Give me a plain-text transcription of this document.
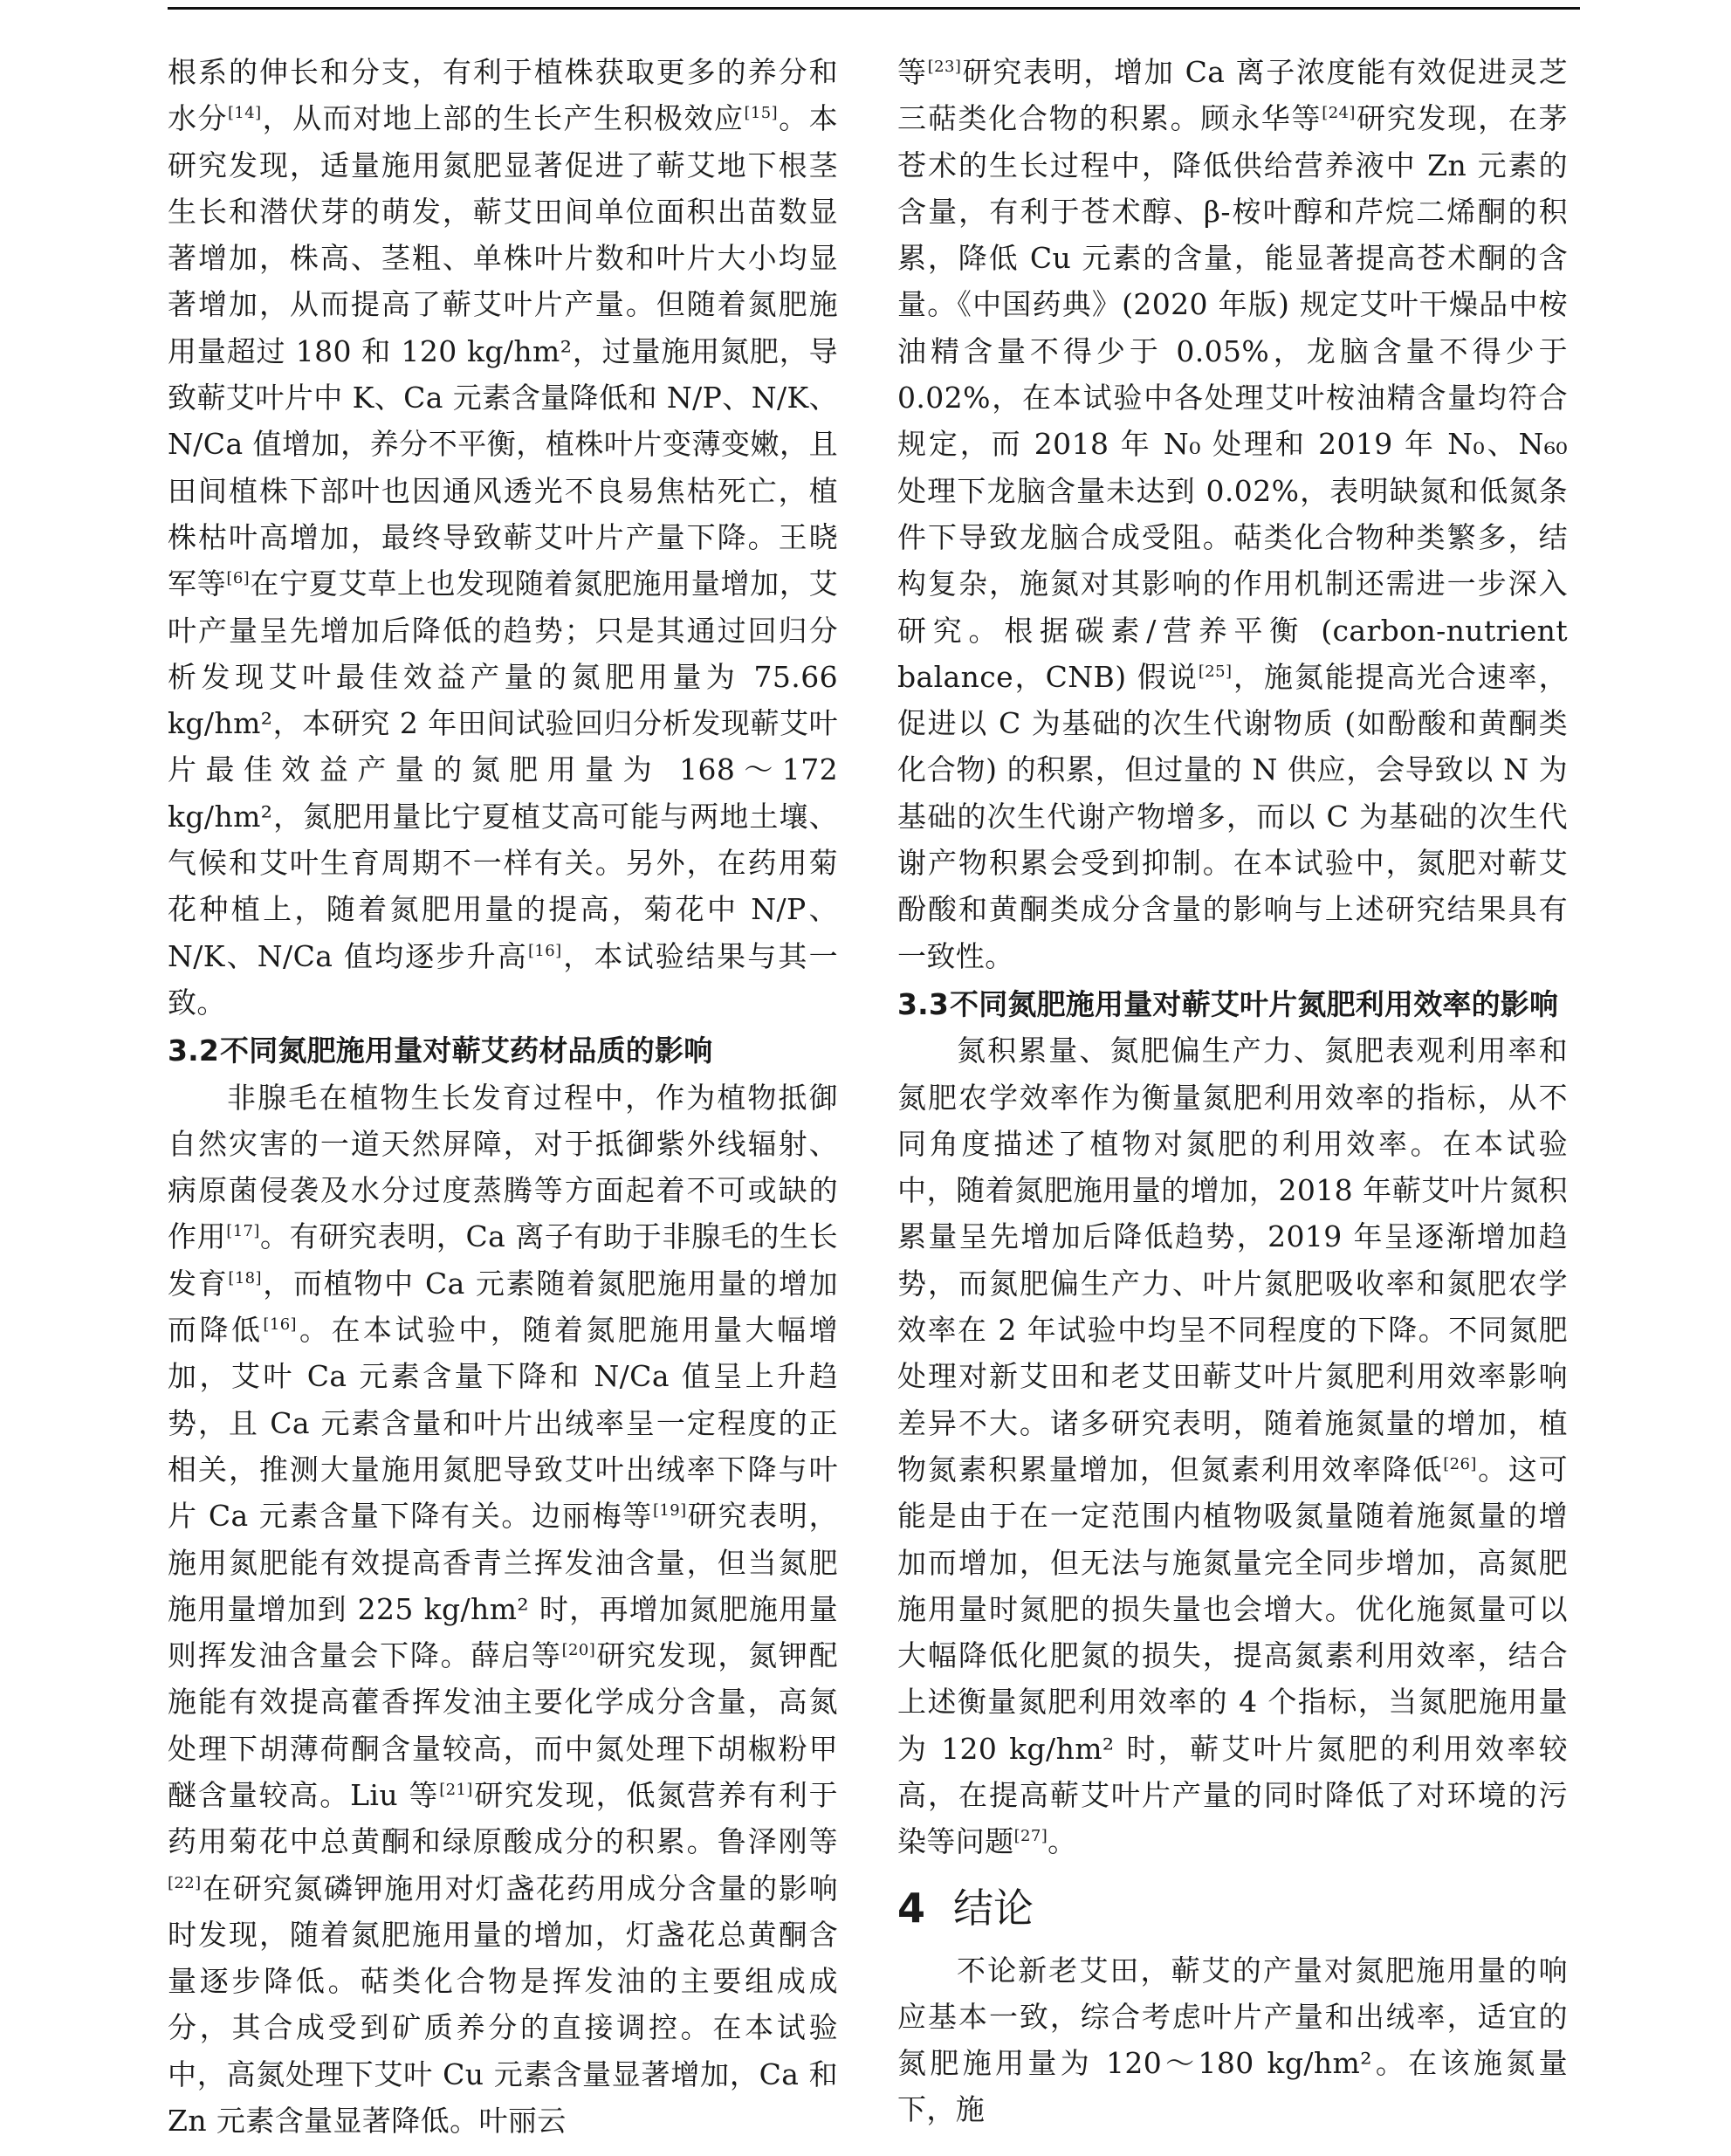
根系的伸长和分支，有利于植株获取更多的养分和水分[14]，从而对地上部的生长产生积极效应[15]。本研究发现，适量施用氮肥显著促进了蕲艾地下根茎生长和潜伏芽的萌发，蕲艾田间单位面积出苗数显著增加，株高、茎粗、单株叶片数和叶片大小均显著增加，从而提高了蕲艾叶片产量。但随着氮肥施用量超过 180 和 120 kg/hm²，过量施用氮肥，导致蕲艾叶片中 K、Ca 元素含量降低和 N/P、N/K、N/Ca 值增加，养分不平衡，植株叶片变薄变嫩，且田间植株下部叶也因通风透光不良易焦枯死亡，植株枯叶高增加，最终导致蕲艾叶片产量下降。王晓军等[6]在宁夏艾草上也发现随着氮肥施用量增加，艾叶产量呈先增加后降低的趋势；只是其通过回归分析发现艾叶最佳效益产量的氮肥用量为 75.66 kg/hm²，本研究 2 年田间试验回归分析发现蕲艾叶片最佳效益产量的氮肥用量为 168～172 kg/hm²，氮肥用量比宁夏植艾高可能与两地土壤、气候和艾叶生育周期不一样有关。另外，在药用菊花种植上，随着氮肥用量的提高，菊花中 N/P、N/K、N/Ca 值均逐步升高[16]，本试验结果与其一致。

3.2不同氮肥施用量对蕲艾药材品质的影响

非腺毛在植物生长发育过程中，作为植物抵御自然灾害的一道天然屏障，对于抵御紫外线辐射、病原菌侵袭及水分过度蒸腾等方面起着不可或缺的作用[17]。有研究表明，Ca 离子有助于非腺毛的生长发育[18]，而植物中 Ca 元素随着氮肥施用量的增加而降低[16]。在本试验中，随着氮肥施用量大幅增加，艾叶 Ca 元素含量下降和 N/Ca 值呈上升趋势，且 Ca 元素含量和叶片出绒率呈一定程度的正相关，推测大量施用氮肥导致艾叶出绒率下降与叶片 Ca 元素含量下降有关。边丽梅等[19]研究表明，施用氮肥能有效提高香青兰挥发油含量，但当氮肥施用量增加到 225 kg/hm² 时，再增加氮肥施用量则挥发油含量会下降。薛启等[20]研究发现，氮钾配施能有效提高藿香挥发油主要化学成分含量，高氮处理下胡薄荷酮含量较高，而中氮处理下胡椒粉甲醚含量较高。Liu 等[21]研究发现，低氮营养有利于药用菊花中总黄酮和绿原酸成分的积累。鲁泽刚等[22]在研究氮磷钾施用对灯盏花药用成分含量的影响时发现，随着氮肥施用量的增加，灯盏花总黄酮含量逐步降低。萜类化合物是挥发油的主要组成成分，其合成受到矿质养分的直接调控。在本试验中，高氮处理下艾叶 Cu 元素含量显著增加，Ca 和 Zn 元素含量显著降低。叶丽云

等[23]研究表明，增加 Ca 离子浓度能有效促进灵芝三萜类化合物的积累。顾永华等[24]研究发现，在茅苍术的生长过程中，降低供给营养液中 Zn 元素的含量，有利于苍术醇、β-桉叶醇和芹烷二烯酮的积累，降低 Cu 元素的含量，能显著提高苍术酮的含量。《中国药典》(2020 年版) 规定艾叶干燥品中桉油精含量不得少于 0.05%，龙脑含量不得少于 0.02%，在本试验中各处理艾叶桉油精含量均符合规定，而 2018 年 N₀ 处理和 2019 年 N₀、N₆₀ 处理下龙脑含量未达到 0.02%，表明缺氮和低氮条件下导致龙脑合成受阻。萜类化合物种类繁多，结构复杂，施氮对其影响的作用机制还需进一步深入研究。根据碳素/营养平衡 (carbon-nutrient balance，CNB) 假说[25]，施氮能提高光合速率，促进以 C 为基础的次生代谢物质 (如酚酸和黄酮类化合物) 的积累，但过量的 N 供应，会导致以 N 为基础的次生代谢产物增多，而以 C 为基础的次生代谢产物积累会受到抑制。在本试验中，氮肥对蕲艾酚酸和黄酮类成分含量的影响与上述研究结果具有一致性。

3.3不同氮肥施用量对蕲艾叶片氮肥利用效率的影响

氮积累量、氮肥偏生产力、氮肥表观利用率和氮肥农学效率作为衡量氮肥利用效率的指标，从不同角度描述了植物对氮肥的利用效率。在本试验中，随着氮肥施用量的增加，2018 年蕲艾叶片氮积累量呈先增加后降低趋势，2019 年呈逐渐增加趋势，而氮肥偏生产力、叶片氮肥吸收率和氮肥农学效率在 2 年试验中均呈不同程度的下降。不同氮肥处理对新艾田和老艾田蕲艾叶片氮肥利用效率影响差异不大。诸多研究表明，随着施氮量的增加，植物氮素积累量增加，但氮素利用效率降低[26]。这可能是由于在一定范围内植物吸氮量随着施氮量的增加而增加，但无法与施氮量完全同步增加，高氮肥施用量时氮肥的损失量也会增大。优化施氮量可以大幅降低化肥氮的损失，提高氮素利用效率，结合上述衡量氮肥利用效率的 4 个指标，当氮肥施用量为 120 kg/hm² 时，蕲艾叶片氮肥的利用效率较高，在提高蕲艾叶片产量的同时降低了对环境的污染等问题[27]。

4 结论

不论新老艾田，蕲艾的产量对氮肥施用量的响应基本一致，综合考虑叶片产量和出绒率，适宜的氮肥施用量为 120～180 kg/hm²。在该施氮量下，施
